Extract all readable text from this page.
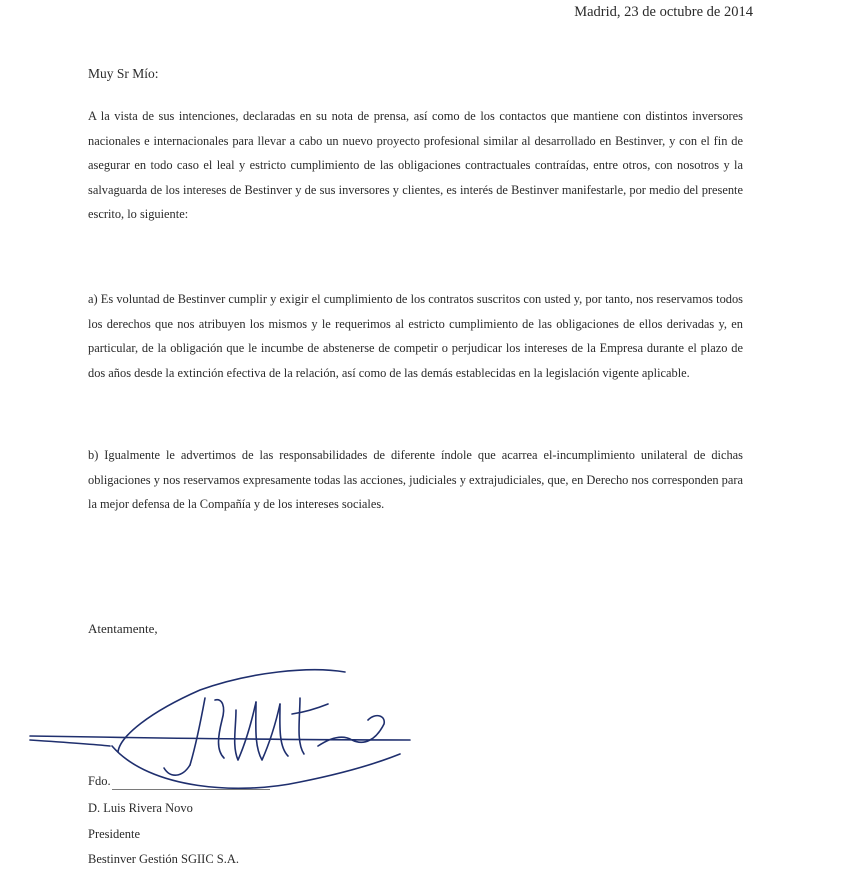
Madrid, 23 de octubre de 2014
Muy Sr Mío:

A la vista de sus intenciones, declaradas en su nota de prensa, así como de los contactos que mantiene con distintos inversores nacionales e internacionales para llevar a cabo un nuevo proyecto profesional similar al desarrollado en Bestinver, y con el fin de asegurar en todo caso el leal y estricto cumplimiento de las obligaciones contractuales contraídas, entre otros, con nosotros y la salvaguarda de los intereses de Bestinver y de sus inversores y clientes, es interés de Bestinver manifestarle, por medio del presente escrito, lo siguiente:

a) Es voluntad de Bestinver cumplir y exigir el cumplimiento de los contratos suscritos con usted y, por tanto, nos reservamos todos los derechos que nos atribuyen los mismos y le requerimos al estricto cumplimiento de las obligaciones de ellos derivadas y, en particular, de la obligación que le incumbe de abstenerse de competir o perjudicar los intereses de la Empresa durante el plazo de dos años desde la extinción efectiva de la relación, así como de las demás establecidas en la legislación vigente aplicable.

b) Igualmente le advertimos de las responsabilidades de diferente índole que acarrea el-incumplimiento unilateral de dichas obligaciones y nos reservamos expresamente todas las acciones, judiciales y extrajudiciales, que, en Derecho nos corresponden para la mejor defensa de la Compañía y de los intereses sociales.

Atentamente,
Fdo.
D. Luis Rivera Novo
Presidente
Bestinver Gestión SGIIC S.A.
